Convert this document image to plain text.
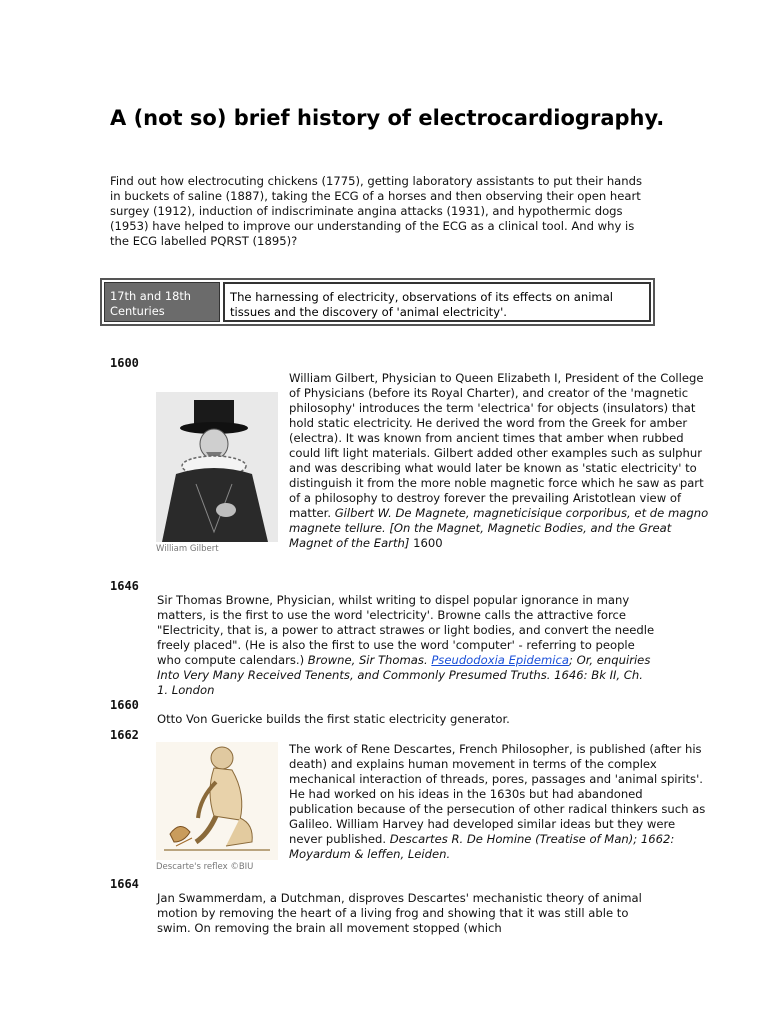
A (not so) brief history of electrocardiography.

Find out how electrocuting chickens (1775), getting laboratory assistants to put their hands in buckets of saline (1887), taking the ECG of a horses and then observing their open heart surgey (1912), induction of indiscriminate angina attacks (1931), and hypothermic dogs (1953) have helped to improve our understanding of the ECG as a clinical tool. And why is the ECG labelled PQRST (1895)?

17th and 18th Centuries
The harnessing of electricity, observations of its effects on animal tissues and the discovery of 'animal electricity'.
1600
William Gilbert

William Gilbert, Physician to Queen Elizabeth I, President of the College of Physicians (before its Royal Charter), and creator of the 'magnetic philosophy' introduces the term 'electrica' for objects (insulators) that hold static electricity. He derived the word from the Greek for amber (electra). It was known from ancient times that amber when rubbed could lift light materials. Gilbert added other examples such as sulphur and was describing what would later be known as 'static electricity' to distinguish it from the more noble magnetic force which he saw as part of a philosophy to destroy forever the prevailing Aristotlean view of matter. Gilbert W. De Magnete, magneticisique corporibus, et de magno magnete tellure. [On the Magnet, Magnetic Bodies, and the Great Magnet of the Earth] 1600

1646

Sir Thomas Browne, Physician, whilst writing to dispel popular ignorance in many matters, is the first to use the word 'electricity'. Browne calls the attractive force "Electricity, that is, a power to attract strawes or light bodies, and convert the needle freely placed". (He is also the first to use the word 'computer' - referring to people who compute calendars.) Browne, Sir Thomas. Pseudodoxia Epidemica; Or, enquiries Into Very Many Received Tenents, and Commonly Presumed Truths. 1646: Bk II, Ch. 1. London

1660

Otto Von Guericke builds the first static electricity generator.

1662
Descarte's reflex ©BIU

The work of Rene Descartes, French Philosopher, is published (after his death) and explains human movement in terms of the complex mechanical interaction of threads, pores, passages and 'animal spirits'. He had worked on his ideas in the 1630s but had abandoned publication because of the persecution of other radical thinkers such as Galileo. William Harvey had developed similar ideas but they were never published. Descartes R. De Homine (Treatise of Man); 1662: Moyardum & leffen, Leiden.

1664

Jan Swammerdam, a Dutchman, disproves Descartes' mechanistic theory of animal motion by removing the heart of a living frog and showing that it was still able to swim. On removing the brain all movement stopped (which
